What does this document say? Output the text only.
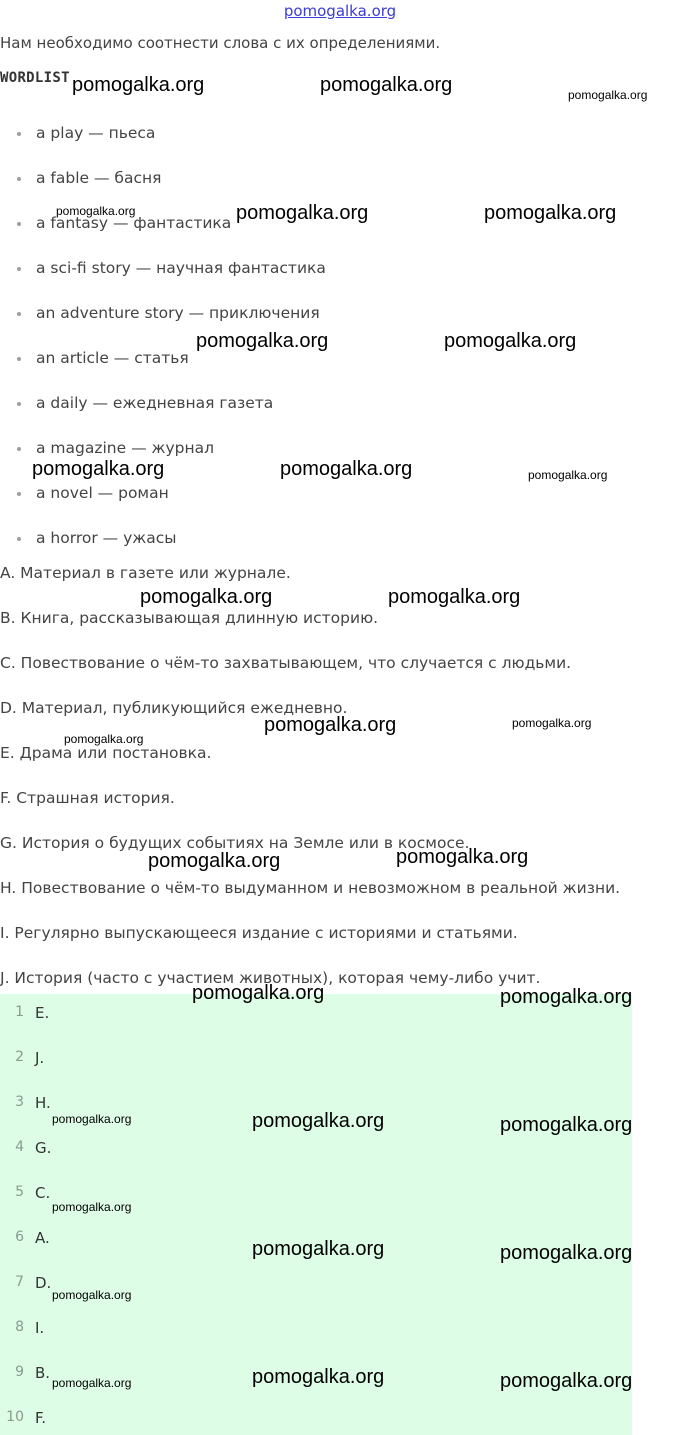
pomogalka.org
Нам необходимо соотнести слова с их определениями.
WORDLIST
a play — пьеса
a fable — басня
a fantasy — фантастика
a sci-fi story — научная фантастика
an adventure story — приключения
an article — статья
a daily — ежедневная газета
a magazine — журнал
a novel — роман
a horror — ужасы
A. Материал в газете или журнале.
B. Книга, рассказывающая длинную историю.
C. Повествование о чём-то захватывающем, что случается с людьми.
D. Материал, публикующийся ежедневно.
E. Драма или постановка.
F. Страшная история.
G. История о будущих событиях на Земле или в космосе.
H. Повествование о чём-то выдуманном и невозможном в реальной жизни.
I. Регулярно выпускающееся издание с историями и статьями.
J. История (часто с участием животных), которая чему-либо учит.
1 E.
2 J.
3 H.
4 G.
5 C.
6 A.
7 D.
8 I.
9 B.
10 F.
pomogalka.org	pomogalka.org	pomogalka.org
pomogalka.org	pomogalka.org	pomogalka.org
pomogalka.org	pomogalka.org
pomogalka.org	pomogalka.org	pomogalka.org
pomogalka.org	pomogalka.org
pomogalka.org
pomogalka.org	pomogalka.org
pomogalka.org	pomogalka.org
pomogalka.org	pomogalka.org
pomogalka.org	pomogalka.org	pomogalka.org
pomogalka.org
pomogalka.org	pomogalka.org
pomogalka.org
pomogalka.org	pomogalka.org	pomogalka.org
